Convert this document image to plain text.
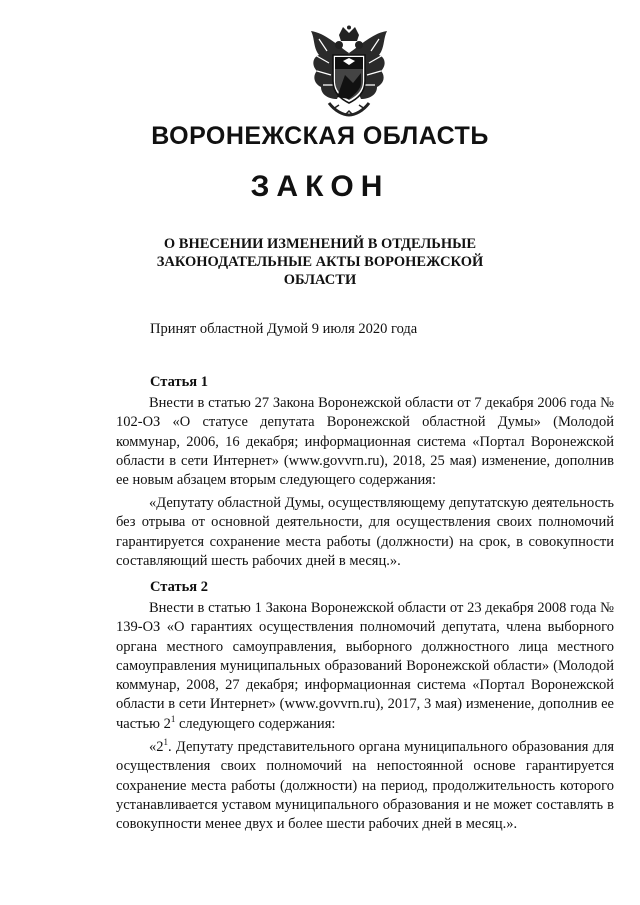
ВОРОНЕЖСКАЯ ОБЛАСТЬ
ЗАКОН
О ВНЕСЕНИИ ИЗМЕНЕНИЙ В ОТДЕЛЬНЫЕ
ЗАКОНОДАТЕЛЬНЫЕ АКТЫ ВОРОНЕЖСКОЙ
ОБЛАСТИ
Принят областной Думой 9 июля 2020 года
Статья 1

Внести в статью 27 Закона Воронежской области от 7 декабря 2006 года № 102-ОЗ «О статусе депутата Воронежской областной Думы» (Молодой коммунар, 2006, 16 декабря; информационная система «Портал Воронежской области в сети Интернет» (www.govvrn.ru), 2018, 25 мая) изменение, дополнив ее новым абзацем вторым следующего содержания:

«Депутату областной Думы, осуществляющему депутатскую деятельность без отрыва от основной деятельности, для осуществления своих полномочий гарантируется сохранение места работы (должности) на срок, в совокупности составляющий шесть рабочих дней в месяц.».

Статья 2

Внести в статью 1 Закона Воронежской области от 23 декабря 2008 года № 139-ОЗ «О гарантиях осуществления полномочий депутата, члена выборного органа местного самоуправления, выборного должностного лица местного самоуправления муниципальных образований Воронежской области» (Молодой коммунар, 2008, 27 декабря; информационная система «Портал Воронежской области в сети Интернет» (www.govvrn.ru), 2017, 3 мая) изменение, дополнив ее частью $2^1$ следующего содержания:

«$2^1$. Депутату представительного органа муниципального образования для осуществления своих полномочий на непостоянной основе гарантируется сохранение места работы (должности) на период, продолжительность которого устанавливается уставом муниципального образования и не может составлять в совокупности менее двух и более шести рабочих дней в месяц.».
